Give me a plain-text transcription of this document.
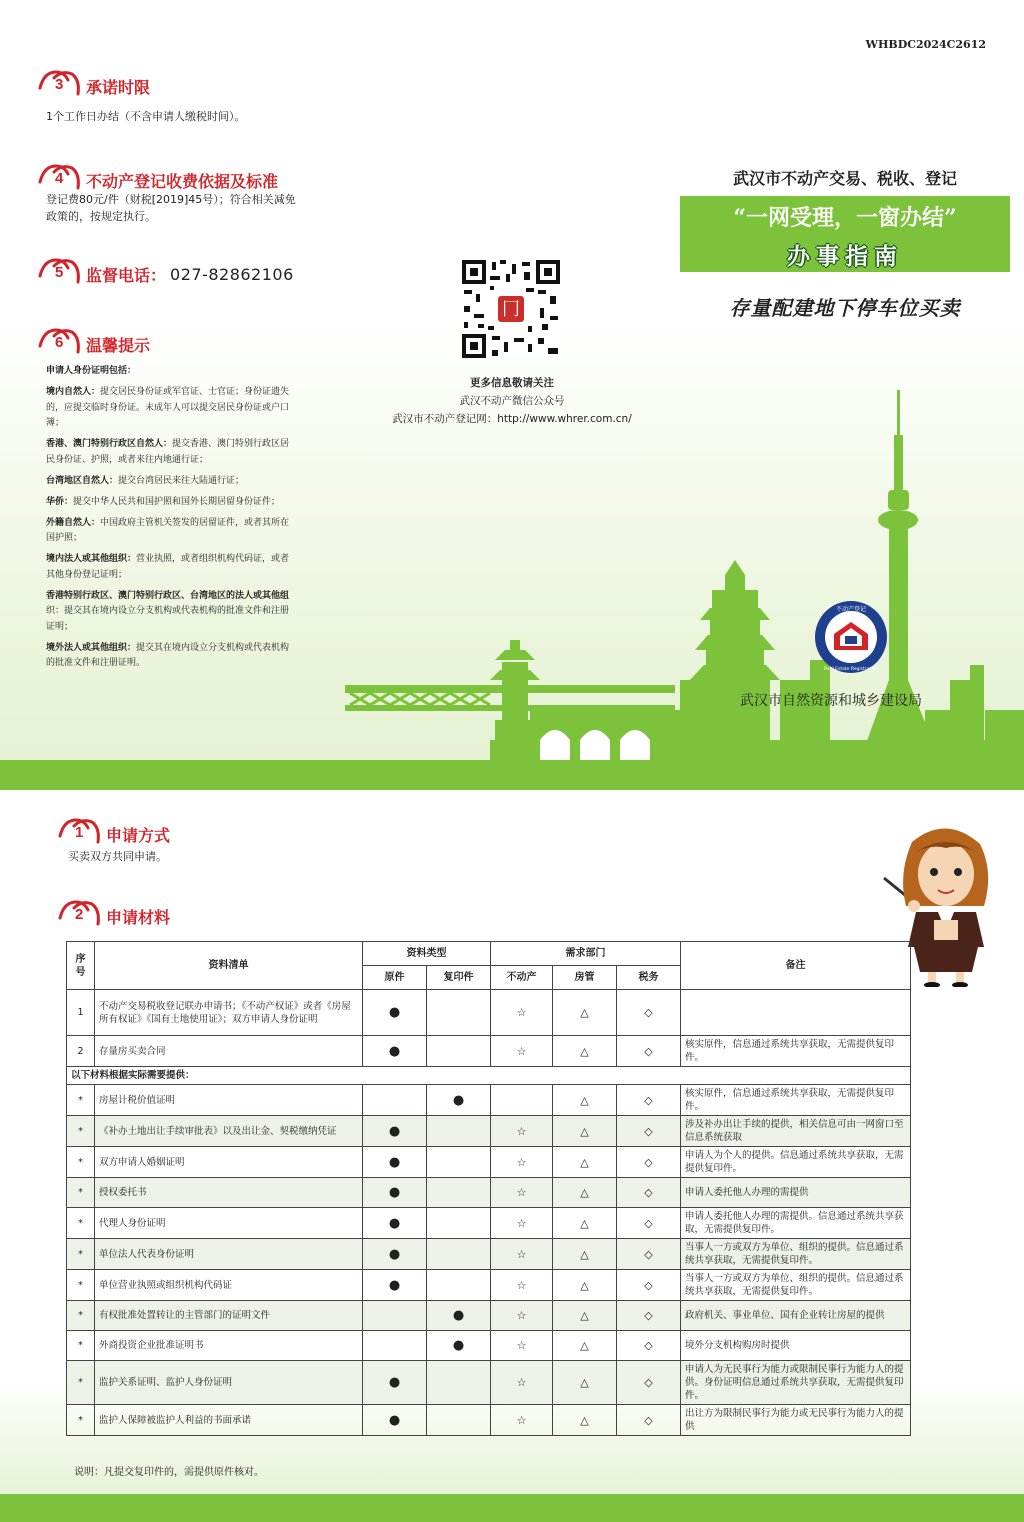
WHBDC2024C2612
3 承诺时限
1个工作日办结（不含申请人缴税时间）。
4 不动产登记收费依据及标准
登记费80元/件（财税[2019]45号）；符合相关减免
政策的，按规定执行。
5 监督电话： 027-82862106
6 温馨提示

申请人身份证明包括：

境内自然人：提交居民身份证或军官证、士官证；身份证遗失
的，应提交临时身份证。未成年人可以提交居民身份证或户口
簿；

香港、澳门特别行政区自然人：提交香港、澳门特别行政区居
民身份证、护照，或者来往内地通行证；

台湾地区自然人：提交台湾居民来往大陆通行证；

华侨：提交中华人民共和国护照和国外长期居留身份证件；

外籍自然人：中国政府主管机关签发的居留证件，或者其所在
国护照；

境内法人或其他组织：营业执照，或者组织机构代码证，或者
其他身份登记证明；

香港特别行政区、澳门特别行政区、台湾地区的法人或其他组
织：提交其在境内设立分支机构或代表机构的批准文件和注册
证明；

境外法人或其他组织：提交其在境内设立分支机构或代表机构
的批准文件和注册证明。

冂
更多信息敬请关注
武汉不动产微信公众号
武汉市不动产登记网：http://www.whrer.com.cn/
武汉市不动产交易、税收、登记
“一网受理，一窗办结”
办事指南
存量配建地下停车位买卖
不动产登记
Real Estate Registration
武汉市自然资源和城乡建设局
1 申请方式
买卖双方共同申请。
2 申请材料
序号	资料清单	资料类型		需求部门			备注
		原件	复印件	不动产	房管	税务	
1	不动产交易税收登记联办申请书；《不动产权证》或者《房屋所有权证》《国有土地使用证》；双方申请人身份证明	●		☆	△	◇	
2	存量房买卖合同	●		☆	△	◇	核实原件，信息通过系统共享获取，无需提供复印件。
以下材料根据实际需要提供：							
*	房屋计税价值证明		●		△	◇	核实原件，信息通过系统共享获取，无需提供复印件。
*	《补办土地出让手续审批表》以及出让金、契税缴纳凭证	●		☆	△	◇	涉及补办出让手续的提供，相关信息可由一网窗口至信息系统获取
*	双方申请人婚姻证明	●		☆	△	◇	申请人为个人的提供。信息通过系统共享获取，无需提供复印件。
*	授权委托书	●		☆	△	◇	申请人委托他人办理的需提供
*	代理人身份证明	●		☆	△	◇	申请人委托他人办理的需提供。信息通过系统共享获取，无需提供复印件。
*	单位法人代表身份证明	●		☆	△	◇	当事人一方或双方为单位、组织的提供。信息通过系统共享获取，无需提供复印件。
*	单位营业执照或组织机构代码证	●		☆	△	◇	当事人一方或双方为单位、组织的提供。信息通过系统共享获取，无需提供复印件。
*	有权批准处置转让的主管部门的证明文件		●	☆	△	◇	政府机关、事业单位、国有企业转让房屋的提供
*	外商投资企业批准证明书		●	☆	△	◇	境外分支机构购房时提供
*	监护关系证明、监护人身份证明	●		☆	△	◇	申请人为无民事行为能力或限制民事行为能力人的提供。身份证明信息通过系统共享获取，无需提供复印件。
*	监护人保障被监护人利益的书面承诺	●		☆	△	◇	出让方为限制民事行为能力或无民事行为能力人的提供
说明：凡提交复印件的，需提供原件核对。
